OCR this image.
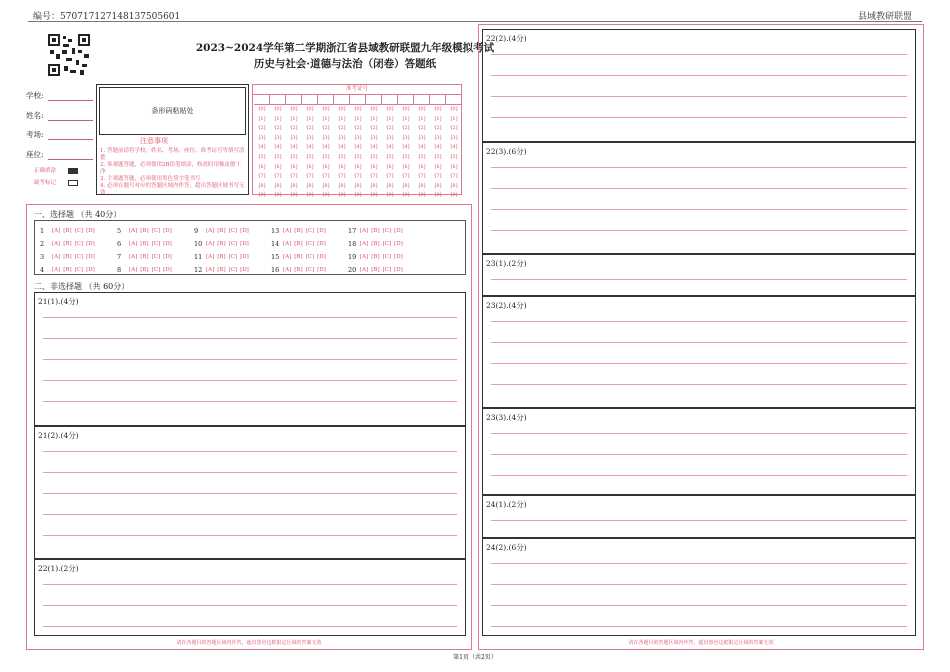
编号：57071712714813750560​1	县域教研联盟
2023~2024学年第二学期浙江省县域教研联盟九年级模拟考试
历史与社会·道德与法治（闭卷）答题纸
学校:
姓名:
考场:
座位:
正确填涂
缺考标记
条形码粘贴处
注意事项
1. 答题前请将学校、姓名、考场、座位、准考证号等填写清楚
2. 客观题答题，必须使用2B铅笔填涂，修改时用橡皮擦干净
3. 主观题答题，必须使用黑色签字笔书写
4. 必须在题号对应的答题区域内作答，超出答题区域书写无效
准考证号
[0]	[0]	[0]	[0]	[0]	[0]	[0]	[0]	[0]	[0]	[0]	[0]	[0]
[1]	[1]	[1]	[1]	[1]	[1]	[1]	[1]	[1]	[1]	[1]	[1]	[1]
[2]	[2]	[2]	[2]	[2]	[2]	[2]	[2]	[2]	[2]	[2]	[2]	[2]
[3]	[3]	[3]	[3]	[3]	[3]	[3]	[3]	[3]	[3]	[3]	[3]	[3]
[4]	[4]	[4]	[4]	[4]	[4]	[4]	[4]	[4]	[4]	[4]	[4]	[4]
[5]	[5]	[5]	[5]	[5]	[5]	[5]	[5]	[5]	[5]	[5]	[5]	[5]
[6]	[6]	[6]	[6]	[6]	[6]	[6]	[6]	[6]	[6]	[6]	[6]	[6]
[7]	[7]	[7]	[7]	[7]	[7]	[7]	[7]	[7]	[7]	[7]	[7]	[7]
[8]	[8]	[8]	[8]	[8]	[8]	[8]	[8]	[8]	[8]	[8]	[8]	[8]
[9]	[9]	[9]	[9]	[9]	[9]	[9]	[9]	[9]	[9]	[9]	[9]	[9]
一、选择题 （共 40分）
1	[A] [B] [C] [D]	5	[A] [B] [C] [D]	9	[A] [B] [C] [D]	13 [A] [B] [C] [D]	17 [A] [B] [C] [D]
2	[A] [B] [C] [D]	6	[A] [B] [C] [D]	10 [A] [B] [C] [D]	14 [A] [B] [C] [D]	18 [A] [B] [C] [D]
3	[A] [B] [C] [D]	7	[A] [B] [C] [D]	11 [A] [B] [C] [D]	15 [A] [B] [C] [D]	19 [A] [B] [C] [D]
4	[A] [B] [C] [D]	8	[A] [B] [C] [D]	12 [A] [B] [C] [D]	16 [A] [B] [C] [D]	20 [A] [B] [C] [D]
二、非选择题 （共 60分）
21(1).(4分)
21(2).(4分)
22(1).(2分)
请在各题目的答题区域内作答，超出黑色边框限定区域的答案无效
22(2).(4分)
22(3).(6分)
23(1).(2分)
23(2).(4分)
23(3).(4分)
24(1).(2分)
24(2).(6分)
请在各题目的答题区域内作答，超出黑色边框限定区域的答案无效
第1页（共2页）
